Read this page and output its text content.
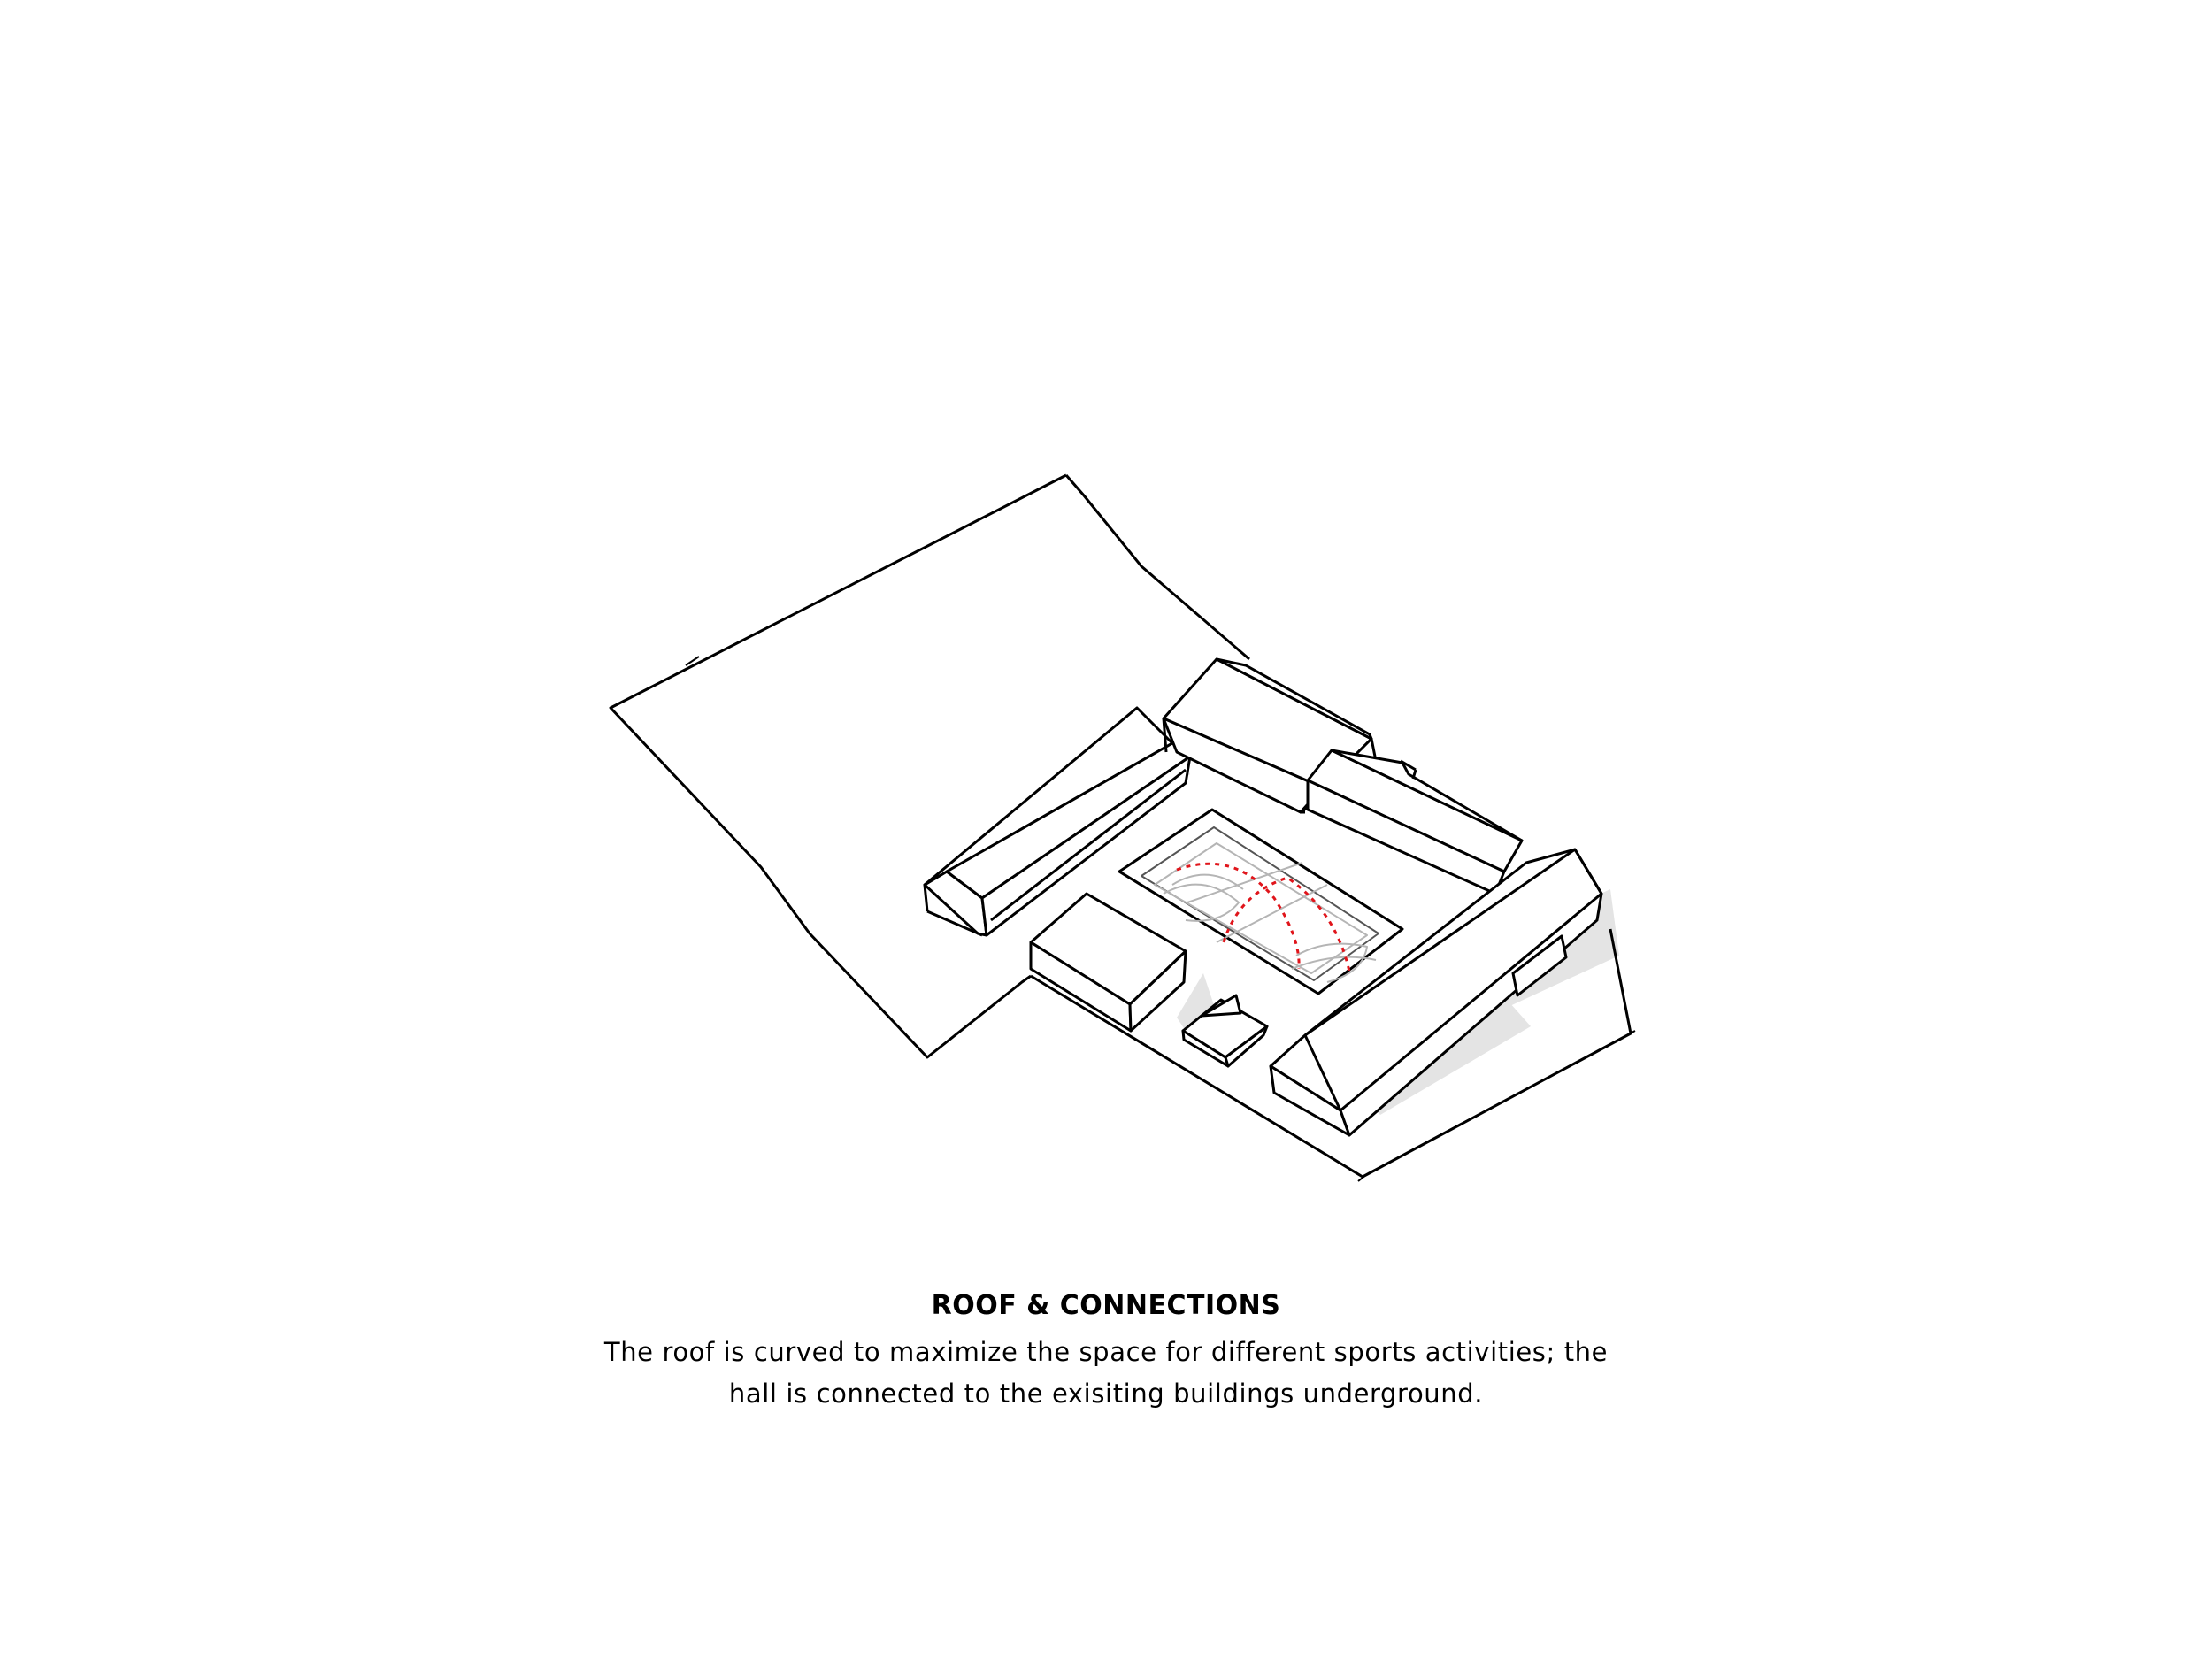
ROOF & CONNECTIONS
The roof is curved to maximize the space for different sports activities; the
hall is connected to the exisiting buildings underground.
